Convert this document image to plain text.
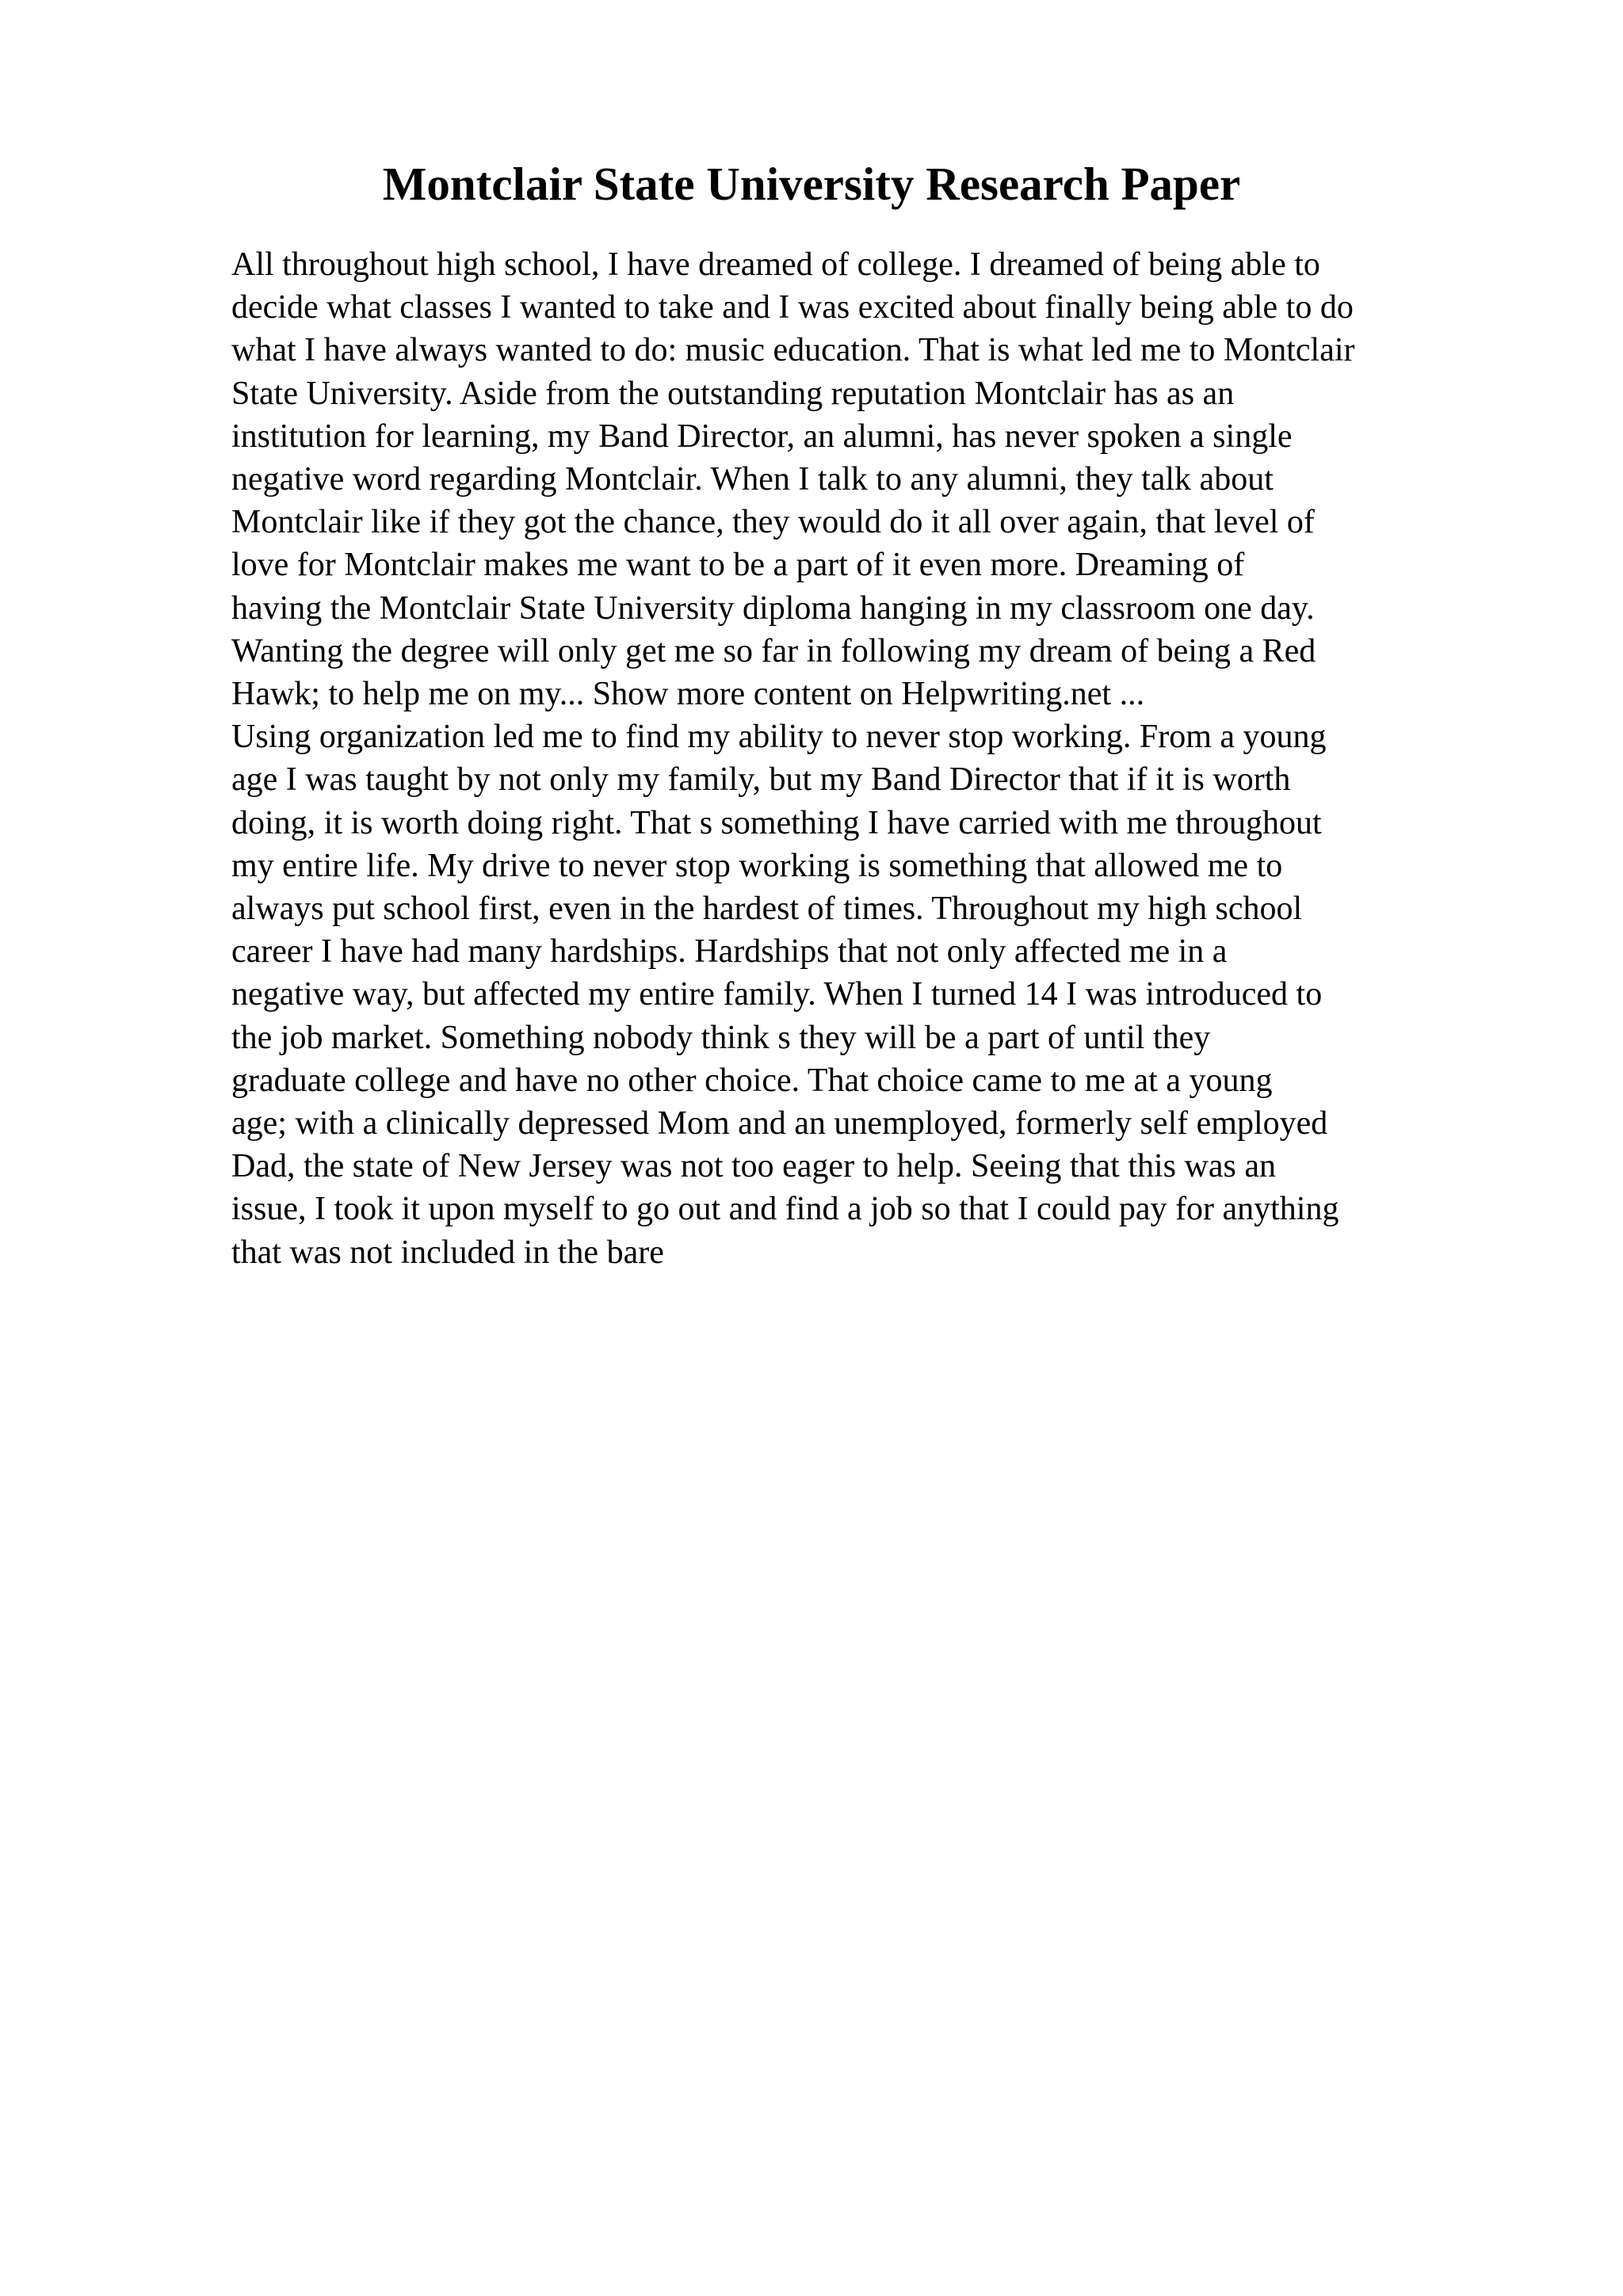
Montclair State University Research Paper
All throughout high school, I have dreamed of college. I dreamed of being able to
decide what classes I wanted to take and I was excited about finally being able to do
what I have always wanted to do: music education. That is what led me to Montclair
State University. Aside from the outstanding reputation Montclair has as an
institution for learning, my Band Director, an alumni, has never spoken a single
negative word regarding Montclair. When I talk to any alumni, they talk about
Montclair like if they got the chance, they would do it all over again, that level of
love for Montclair makes me want to be a part of it even more. Dreaming of
having the Montclair State University diploma hanging in my classroom one day.
Wanting the degree will only get me so far in following my dream of being a Red
Hawk; to help me on my... Show more content on Helpwriting.net ...
Using organization led me to find my ability to never stop working. From a young
age I was taught by not only my family, but my Band Director that if it is worth
doing, it is worth doing right. That s something I have carried with me throughout
my entire life. My drive to never stop working is something that allowed me to
always put school first, even in the hardest of times. Throughout my high school
career I have had many hardships. Hardships that not only affected me in a
negative way, but affected my entire family. When I turned 14 I was introduced to
the job market. Something nobody think s they will be a part of until they
graduate college and have no other choice. That choice came to me at a young
age; with a clinically depressed Mom and an unemployed, formerly self employed
Dad, the state of New Jersey was not too eager to help. Seeing that this was an
issue, I took it upon myself to go out and find a job so that I could pay for anything
that was not included in the bare
